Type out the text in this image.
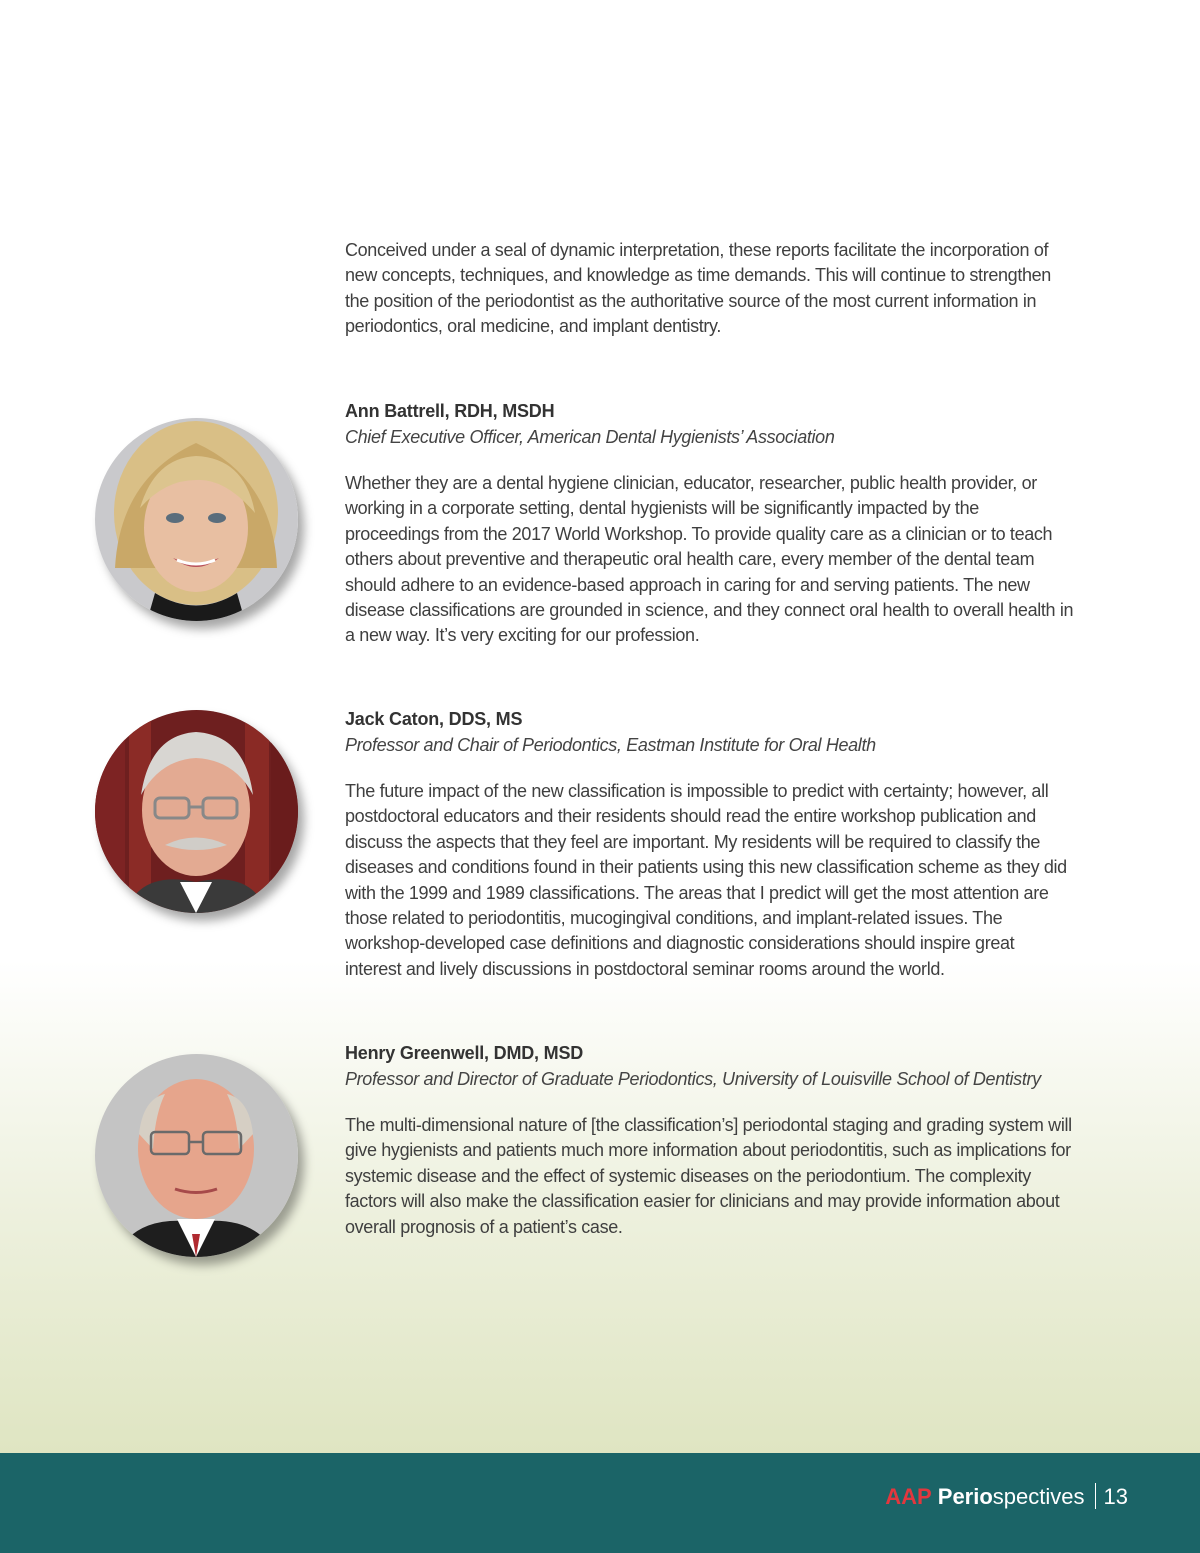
Conceived under a seal of dynamic interpretation, these reports facilitate the incorporation of new concepts, techniques, and knowledge as time demands. This will continue to strengthen the position of the periodontist as the authoritative source of the most current information in periodontics, oral medicine, and implant dentistry.

Ann Battrell, RDH, MSDH
Chief Executive Officer, American Dental Hygienists’ Association
Whether they are a dental hygiene clinician, educator, researcher, public health provider, or working in a corporate setting, dental hygienists will be significantly impacted by the proceedings from the 2017 World Workshop. To provide quality care as a clinician or to teach others about preventive and therapeutic oral health care, every member of the dental team should adhere to an evidence-based approach in caring for and serving patients. The new disease classifications are grounded in science, and they connect oral health to overall health in a new way. It’s very exciting for our profession.
Jack Caton, DDS, MS
Professor and Chair of Periodontics, Eastman Institute for Oral Health
The future impact of the new classification is impossible to predict with certainty; however, all postdoctoral educators and their residents should read the entire workshop publication and discuss the aspects that they feel are important. My residents will be required to classify the diseases and conditions found in their patients using this new classification scheme as they did with the 1999 and 1989 classifications. The areas that I predict will get the most attention are those related to periodontitis, mucogingival conditions, and implant-related issues. The workshop-developed case definitions and diagnostic considerations should inspire great interest and lively discussions in postdoctoral seminar rooms around the world.
Henry Greenwell, DMD, MSD
Professor and Director of Graduate Periodontics, University of Louisville School of Dentistry
The multi-dimensional nature of [the classification’s] periodontal staging and grading system will give hygienists and patients much more information about periodontitis, such as implications for systemic disease and the effect of systemic diseases on the periodontium. The complexity factors will also make the classification easier for clinicians and may provide information about overall prognosis of a patient’s case.
AAP Periospectives 13
